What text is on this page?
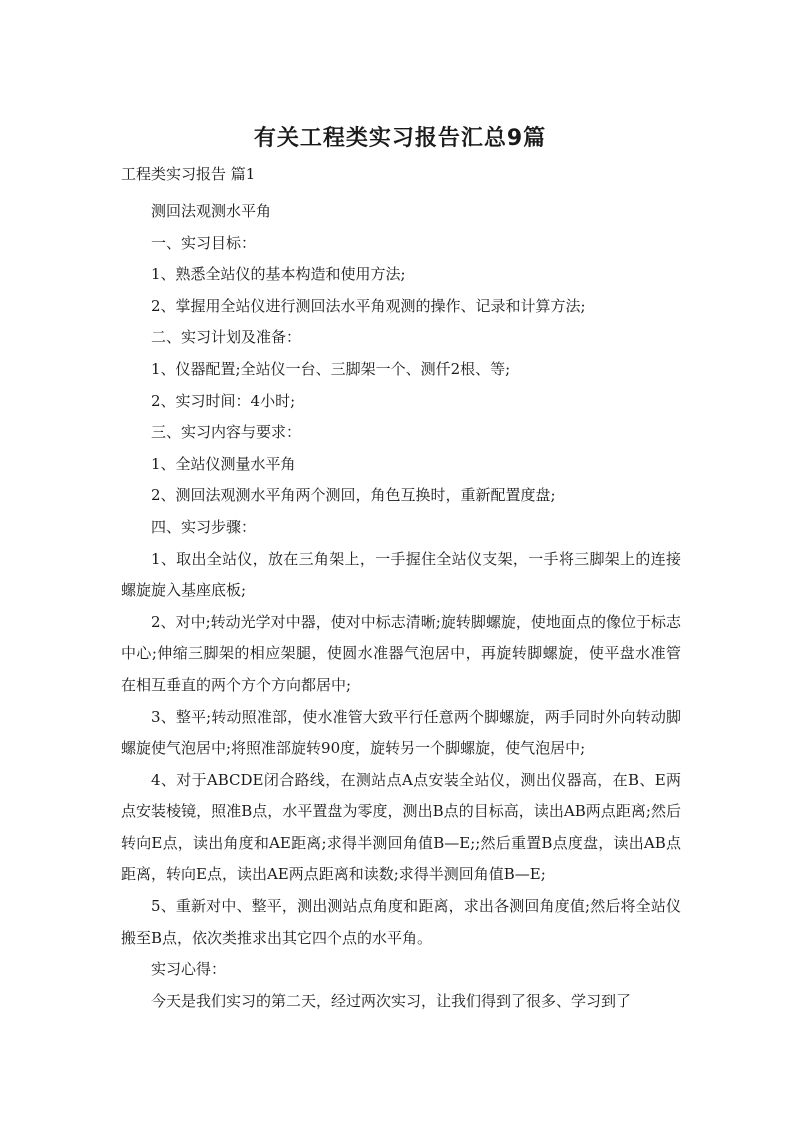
有关工程类实习报告汇总9篇
工程类实习报告 篇1

测回法观测水平角

一、实习目标：

1、熟悉全站仪的基本构造和使用方法;

2、掌握用全站仪进行测回法水平角观测的操作、记录和计算方法;

二、实习计划及准备：

1、仪器配置;全站仪一台、三脚架一个、测仟2根、等;

2、实习时间：4小时;

三、实习内容与要求：

1、全站仪测量水平角

2、测回法观测水平角两个测回，角色互换时，重新配置度盘;

四、实习步骤：

1、取出全站仪，放在三角架上，一手握住全站仪支架，一手将三脚架上的连接螺旋旋入基座底板;

2、对中;转动光学对中器，使对中标志清晰;旋转脚螺旋，使地面点的像位于标志中心;伸缩三脚架的相应架腿，使圆水准器气泡居中，再旋转脚螺旋，使平盘水准管在相互垂直的两个方个方向都居中;

3、整平;转动照准部，使水准管大致平行任意两个脚螺旋，两手同时外向转动脚螺旋使气泡居中;将照准部旋转90度，旋转另一个脚螺旋，使气泡居中;

4、对于ABCDE闭合路线，在测站点A点安装全站仪，测出仪器高，在B、E两点安装棱镜，照准B点，水平置盘为零度，测出B点的目标高，读出AB两点距离;然后转向E点，读出角度和AE距离;求得半测回角值B—E;;然后重置B点度盘，读出AB点距离，转向E点，读出AE两点距离和读数;求得半测回角值B—E;

5、重新对中、整平，测出测站点角度和距离，求出各测回角度值;然后将全站仪搬至B点，依次类推求出其它四个点的水平角。

实习心得：

今天是我们实习的第二天，经过两次实习，让我们得到了很多、学习到了
